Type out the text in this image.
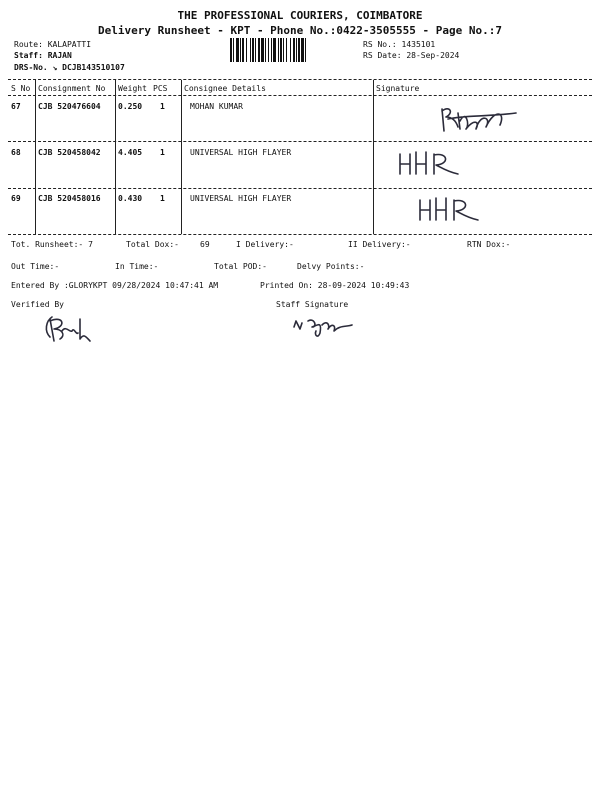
THE PROFESSIONAL COURIERS, COIMBATORE
Delivery Runsheet - KPT - Phone No.:0422-3505555 - Page No.:7
Route: KALAPATTI
Staff: RAJAN
DRS-No. ↘ DCJB143510107
RS No.: 1435101
RS Date: 28-Sep-2024
S No Consignment No Weight PCS Consignee Details	Signature
67 CJB 520476604 0.250 1	MOHAN KUMAR
68 CJB 520458042 4.405 1	UNIVERSAL HIGH FLAYER
69 CJB 520458016 0.430 1	UNIVERSAL HIGH FLAYER
Tot. Runsheet:- 7	Total Dox:-	69	I Delivery:-	II Delivery:-	RTN Dox:-
Out Time:-	In Time:-	Total POD:-	Delvy Points:-
Entered By :GLORYKPT 09/28/2024 10:47:41 AM	Printed On: 28-09-2024 10:49:43
Verified By	Staff Signature
